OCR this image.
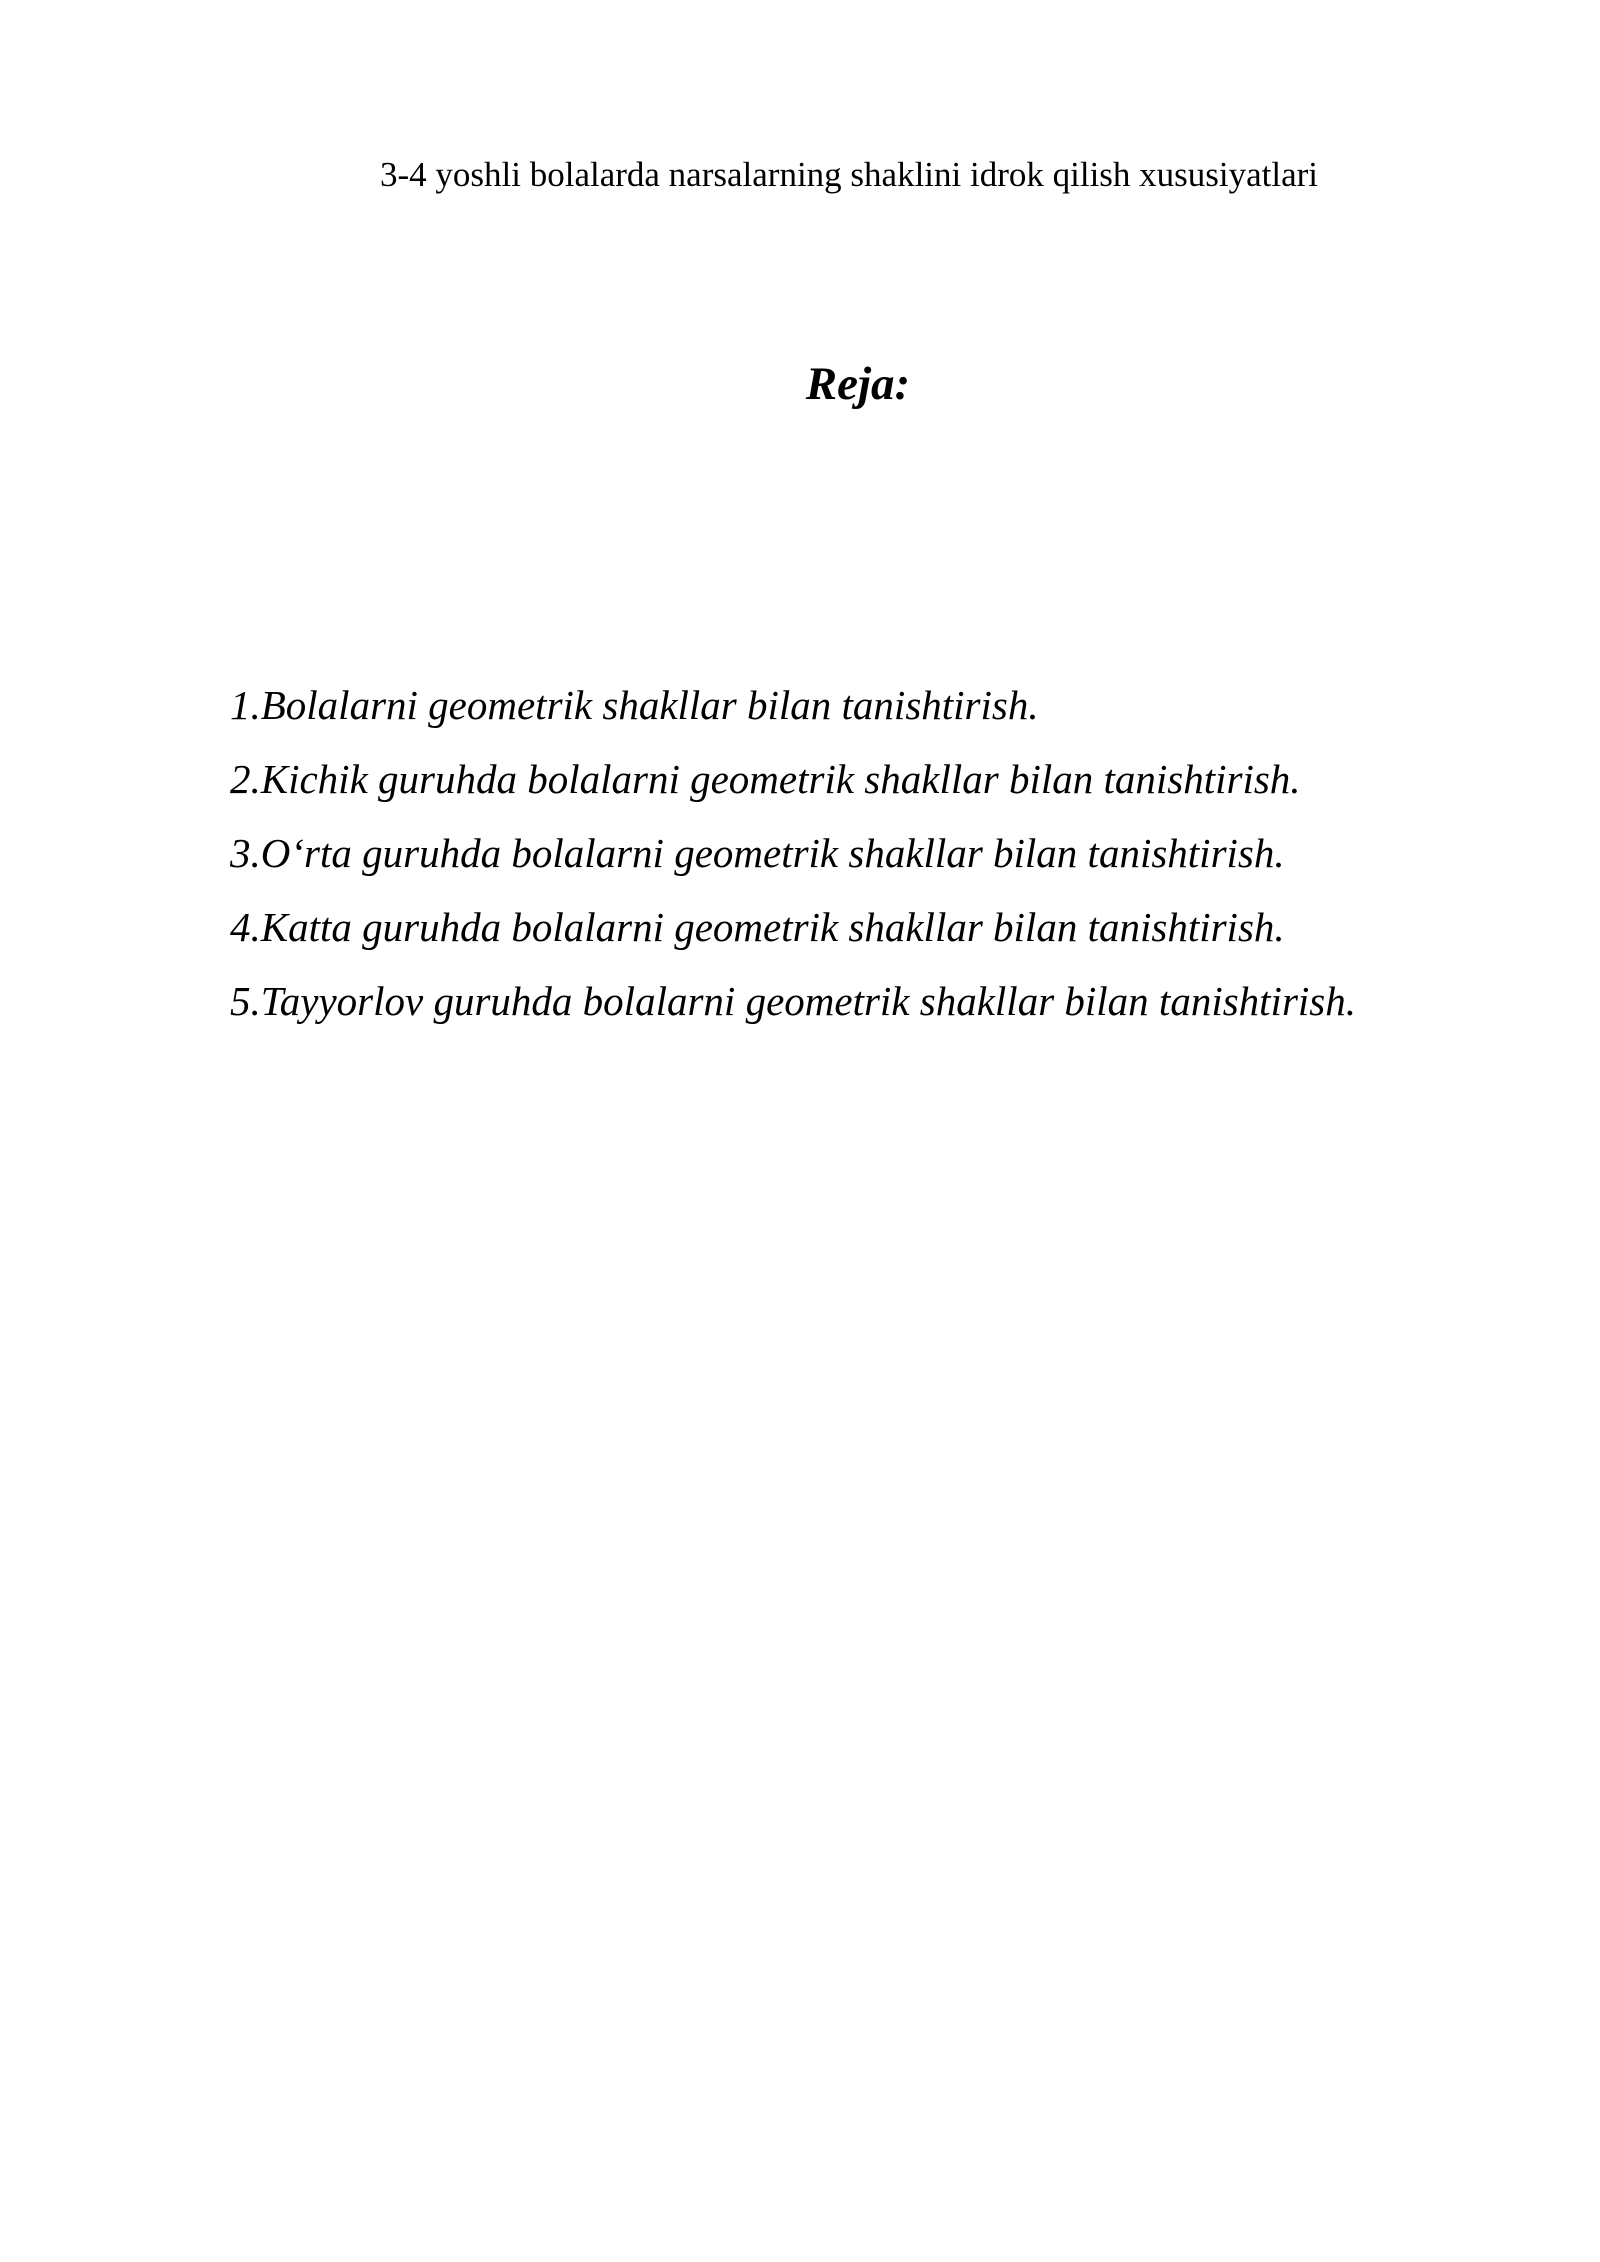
3-4 yoshli bolalarda narsalarning shaklini idrok qilish xususiyatlari
Reja:
1.Bolalarni geometrik shakllar bilan tanishtirish.
2.Kichik guruhda bolalarni geometrik shakllar bilan tanishtirish.
3.O‘rta guruhda bolalarni geometrik shakllar bilan tanishtirish.
4.Katta guruhda bolalarni geometrik shakllar bilan tanishtirish.
5.Tayyorlov guruhda bolalarni geometrik shakllar bilan tanishtirish.
